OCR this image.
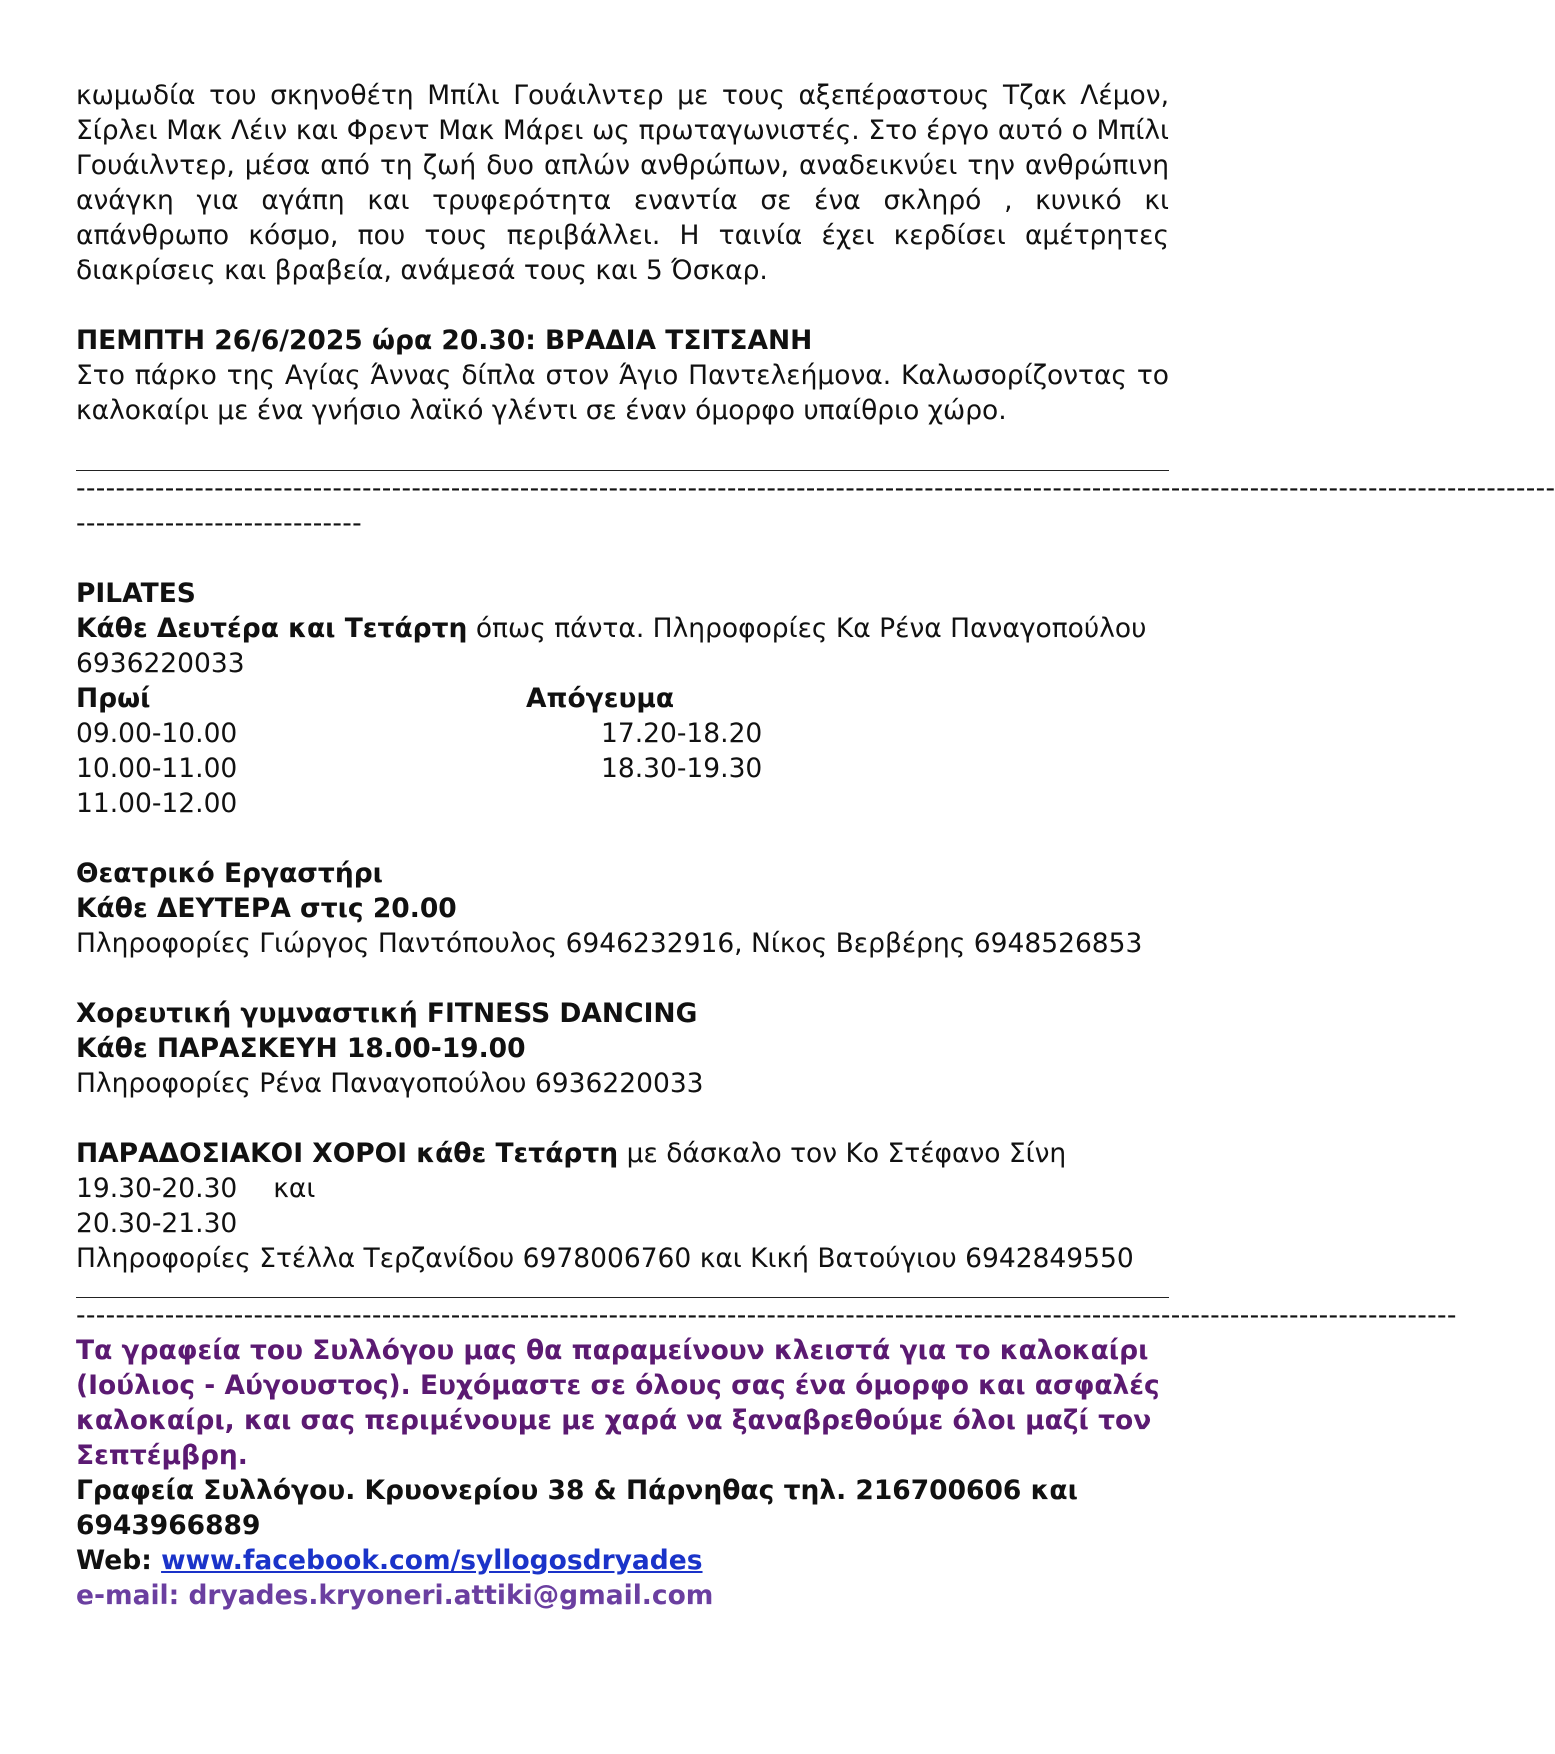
κωμωδία του σκηνοθέτη Μπίλι Γουάιλντερ με τους αξεπέραστους Τζακ Λέμον, Σίρλει Μακ Λέιν και Φρεντ Μακ Μάρει ως πρωταγωνιστές. Στο έργο αυτό ο Μπίλι Γουάιλντερ, μέσα από τη ζωή δυο απλών ανθρώπων, αναδεικνύει την ανθρώπινη ανάγκη για αγάπη και τρυφερότητα εναντία σε ένα σκληρό , κυνικό κι απάνθρωπο κόσμο, που τους περιβάλλει. Η ταινία έχει κερδίσει αμέτρητες διακρίσεις και βραβεία, ανάμεσά τους και 5 Όσκαρ.

ΠΕΜΠΤΗ 26/6/2025 ώρα 20.30: ΒΡΑΔΙΑ ΤΣΙΤΣΑΝΗ

Στο πάρκο της Αγίας Άννας δίπλα στον Άγιο Παντελεήμονα. Καλωσορίζοντας το καλοκαίρι με ένα γνήσιο λαϊκό γλέντι σε έναν όμορφο υπαίθριο χώρο.

------------------------------------------------------------------------------------------------------------------------------------------------------
-----------------------------

PILATES

Κάθε Δευτέρα και Τετάρτη όπως πάντα. Πληροφορίες Κα Ρένα Παναγοπούλου

6936220033

Πρωί

09.00-10.00

10.00-11.00

11.00-12.00

Απόγευμα

17.20-18.20

18.30-19.30

Θεατρικό Εργαστήρι

Κάθε ΔΕΥΤΕΡΑ στις 20.00

Πληροφορίες Γιώργος Παντόπουλος 6946232916, Νίκος Βερβέρης 6948526853

Χορευτική γυμναστική FITNESS DANCING

Κάθε ΠΑΡΑΣΚΕΥΗ 18.00-19.00

Πληροφορίες Ρένα Παναγοπούλου 6936220033

ΠΑΡΑΔΟΣΙΑΚΟΙ ΧΟΡΟΙ κάθε Τετάρτη με δάσκαλο τον Κο Στέφανο Σίνη

19.30-20.30 και

20.30-21.30

Πληροφορίες Στέλλα Τερζανίδου 6978006760 και Κική Βατούγιου 6942849550

--------------------------------------------------------------------------------------------------------------------------------------------

Τα γραφεία του Συλλόγου μας θα παραμείνουν κλειστά για το καλοκαίρι (Ιούλιος - Αύγουστος). Ευχόμαστε σε όλους σας ένα όμορφο και ασφαλές καλοκαίρι, και σας περιμένουμε με χαρά να ξαναβρεθούμε όλοι μαζί τον Σεπτέμβρη.

Γραφεία Συλλόγου. Κρυονερίου 38 & Πάρνηθας τηλ. 216700606 και 6943966889

Web: www.facebook.com/syllogosdryades

e-mail: dryades.kryoneri.attiki@gmail.com
